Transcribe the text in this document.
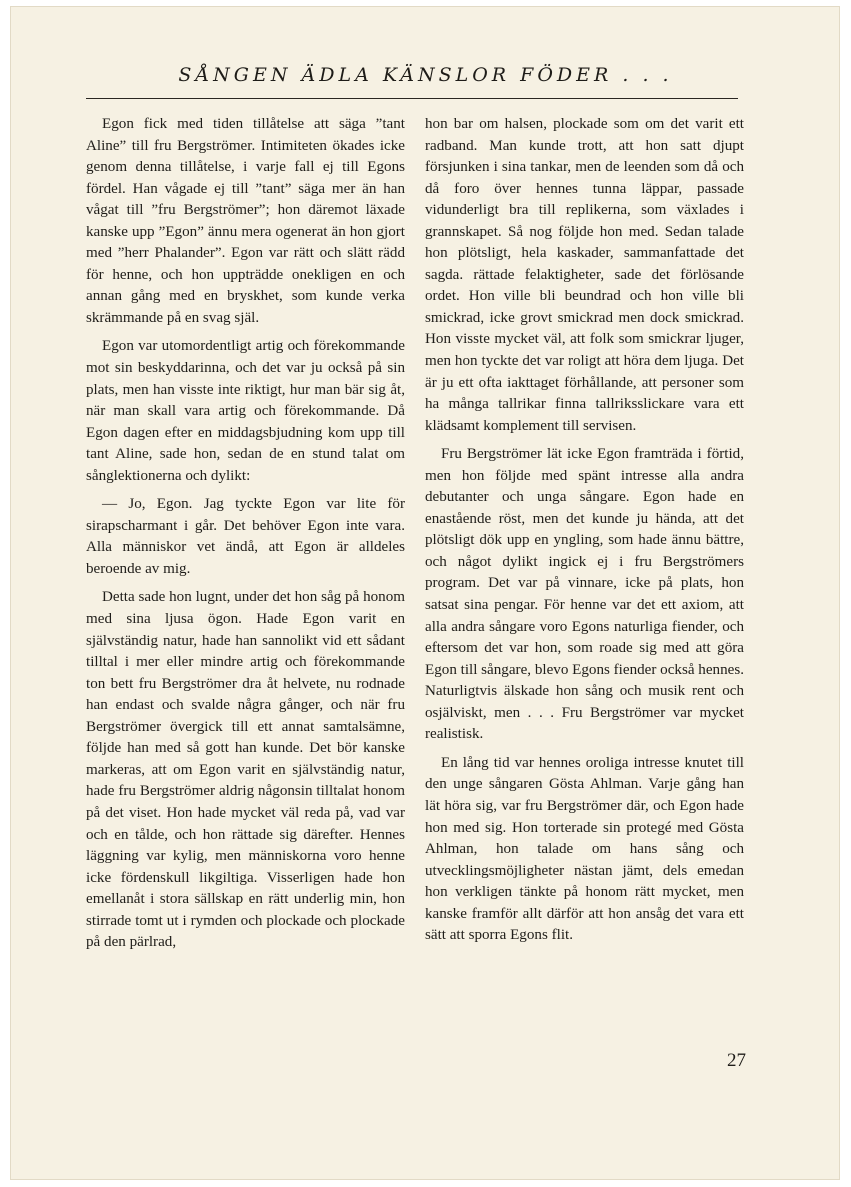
SÅNGEN ÄDLA KÄNSLOR FÖDER . . .

Egon fick med tiden tillåtelse att säga ”tant Aline” till fru Bergströmer. Intimiteten ökades icke genom denna tillåtelse, i varje fall ej till Egons fördel. Han vågade ej till ”tant” säga mer än han vågat till ”fru Bergströmer”; hon däremot läxade kanske upp ”Egon” ännu mera ogenerat än hon gjort med ”herr Phalander”. Egon var rätt och slätt rädd för henne, och hon uppträdde onekligen en och annan gång med en bryskhet, som kunde verka skrämmande på en svag själ.

Egon var utomordentligt artig och förekommande mot sin beskyddarinna, och det var ju också på sin plats, men han visste inte riktigt, hur man bär sig åt, när man skall vara artig och förekommande. Då Egon dagen efter en middagsbjudning kom upp till tant Aline, sade hon, sedan de en stund talat om sånglektionerna och dylikt:

— Jo, Egon. Jag tyckte Egon var lite för sirapscharmant i går. Det behöver Egon inte vara. Alla människor vet ändå, att Egon är alldeles beroende av mig.

Detta sade hon lugnt, under det hon såg på honom med sina ljusa ögon. Hade Egon varit en självständig natur, hade han sannolikt vid ett sådant tilltal i mer eller mindre artig och förekommande ton bett fru Bergströmer dra åt helvete, nu rodnade han endast och svalde några gånger, och när fru Bergströmer övergick till ett annat samtalsämne, följde han med så gott han kunde. Det bör kanske markeras, att om Egon varit en självständig natur, hade fru Bergströmer aldrig någonsin tilltalat honom på det viset. Hon hade mycket väl reda på, vad var och en tålde, och hon rättade sig därefter. Hennes läggning var kylig, men människorna voro henne icke fördenskull likgiltiga. Visserligen hade hon emellanåt i stora sällskap en rätt underlig min, hon stirrade tomt ut i rymden och plockade och plockade på den pärlrad,

hon bar om halsen, plockade som om det varit ett radband. Man kunde trott, att hon satt djupt försjunken i sina tankar, men de leenden som då och då foro över hennes tunna läppar, passade vidunderligt bra till replikerna, som växlades i grannskapet. Så nog följde hon med. Sedan talade hon plötsligt, hela kaskader, sammanfattade det sagda. rättade felaktigheter, sade det förlösande ordet. Hon ville bli beundrad och hon ville bli smickrad, icke grovt smickrad men dock smickrad. Hon visste mycket väl, att folk som smickrar ljuger, men hon tyckte det var roligt att höra dem ljuga. Det är ju ett ofta iakttaget förhållande, att personer som ha många tallrikar finna tallriksslickare vara ett klädsamt komplement till servisen.

Fru Bergströmer lät icke Egon framträda i förtid, men hon följde med spänt intresse alla andra debutanter och unga sångare. Egon hade en enastående röst, men det kunde ju hända, att det plötsligt dök upp en yngling, som hade ännu bättre, och något dylikt ingick ej i fru Bergströmers program. Det var på vinnare, icke på plats, hon satsat sina pengar. För henne var det ett axiom, att alla andra sångare voro Egons naturliga fiender, och eftersom det var hon, som roade sig med att göra Egon till sångare, blevo Egons fiender också hennes. Naturligtvis älskade hon sång och musik rent och osjälviskt, men . . . Fru Bergströmer var mycket realistisk.

En lång tid var hennes oroliga intresse knutet till den unge sångaren Gösta Ahlman. Varje gång han lät höra sig, var fru Bergströmer där, och Egon hade hon med sig. Hon torterade sin protegé med Gösta Ahlman, hon talade om hans sång och utvecklingsmöjligheter nästan jämt, dels emedan hon verkligen tänkte på honom rätt mycket, men kanske framför allt därför att hon ansåg det vara ett sätt att sporra Egons flit.

27
